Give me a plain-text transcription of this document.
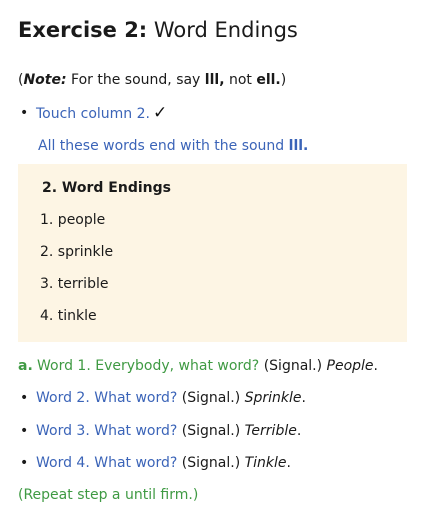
Exercise 2: Word Endings
(Note: For the sound, say lll, not ell.)
• Touch column 2. ✓
All these words end with the sound lll.
2. Word Endings
1. people
2. sprinkle
3. terrible
4. tinkle
a. Word 1. Everybody, what word? (Signal.) People.
• Word 2. What word? (Signal.) Sprinkle.
• Word 3. What word? (Signal.) Terrible.
• Word 4. What word? (Signal.) Tinkle.
(Repeat step a until firm.)
